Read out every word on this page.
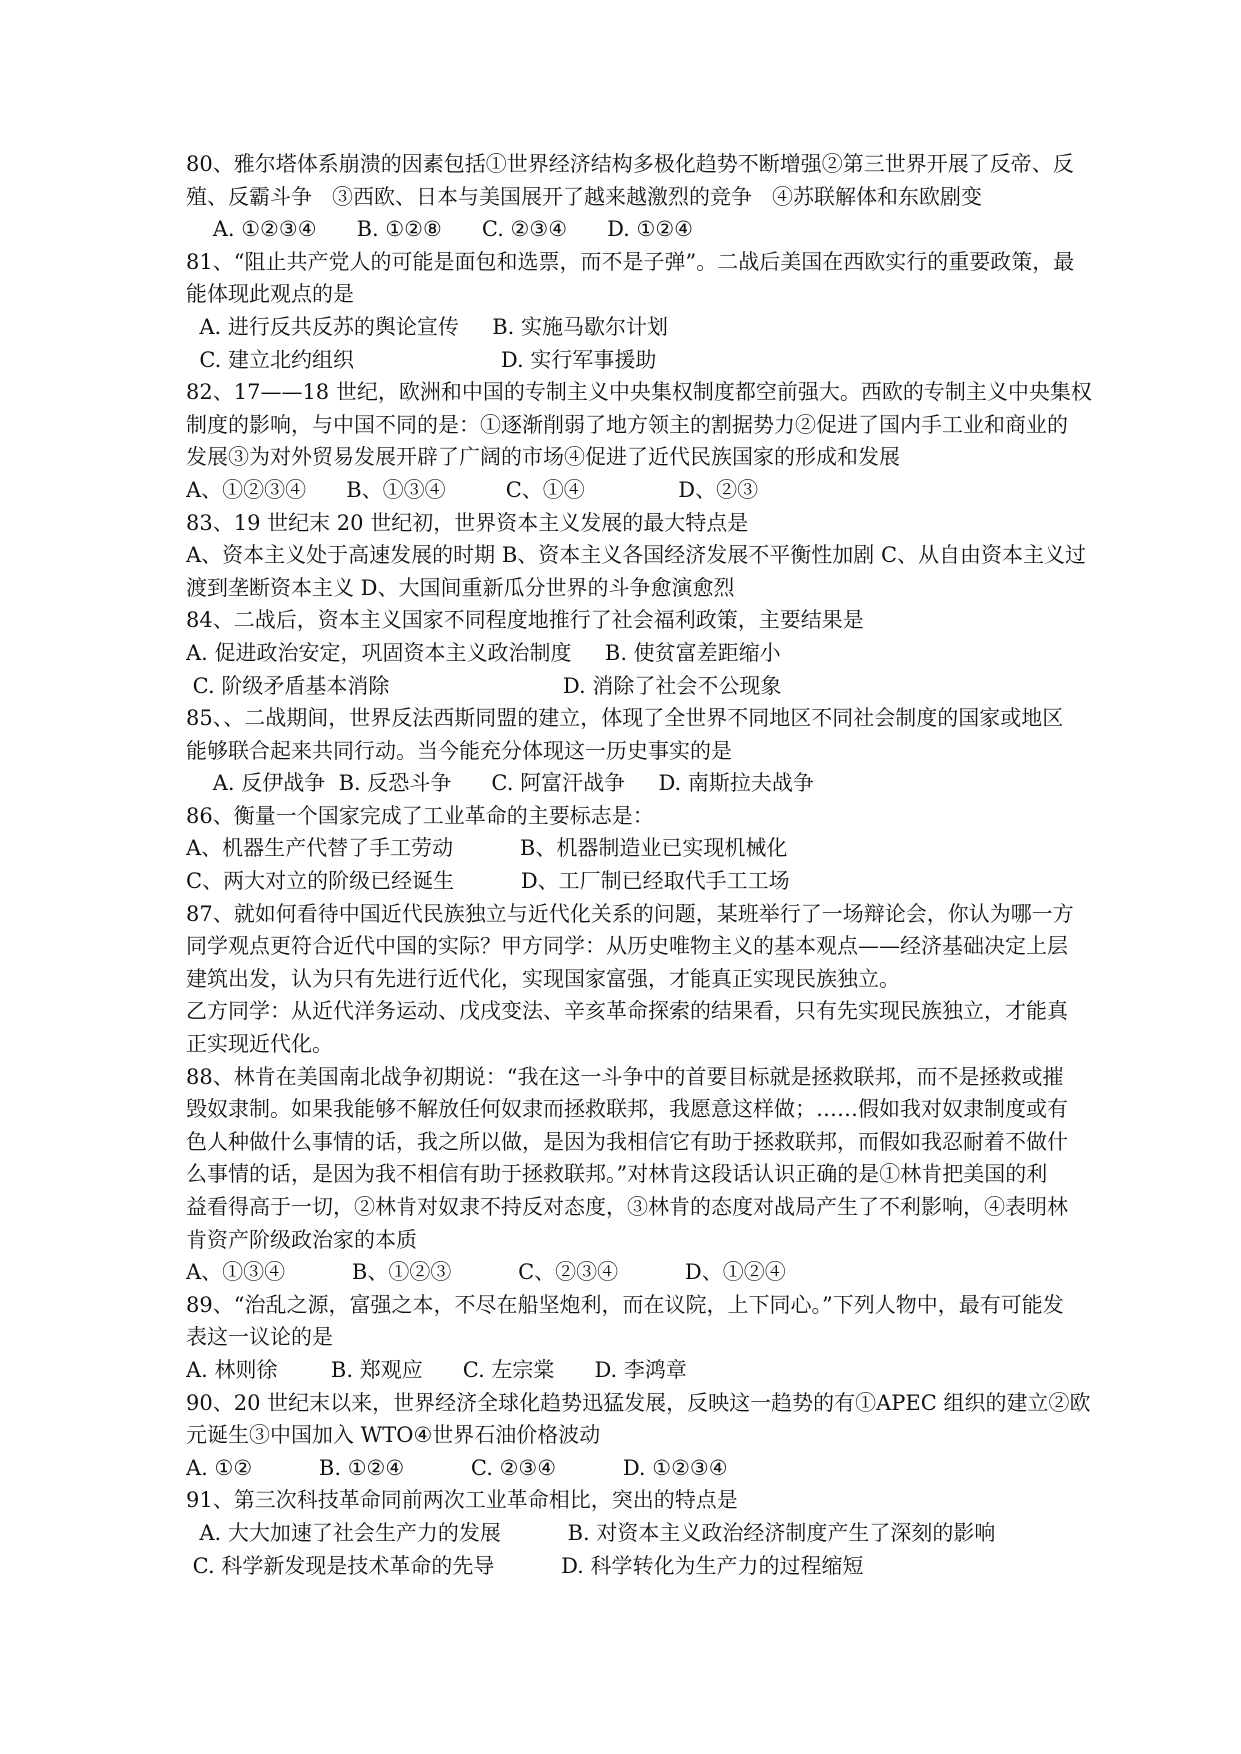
80、雅尔塔体系崩溃的因素包括①世界经济结构多极化趋势不断增强②第三世界开展了反帝、反
殖、反霸斗争   ③西欧、日本与美国展开了越来越激烈的竞争   ④苏联解体和东欧剧变
A. ①②③④      B. ①②⑧      C. ②③④      D. ①②④
81、“阻止共产党人的可能是面包和选票，而不是子弹”。二战后美国在西欧实行的重要政策，最
能体现此观点的是
A. 进行反共反苏的舆论宣传     B. 实施马歇尔计划
C. 建立北约组织                      D. 实行军事援助
82、17——18 世纪，欧洲和中国的专制主义中央集权制度都空前强大。西欧的专制主义中央集权
制度的影响，与中国不同的是：①逐渐削弱了地方领主的割据势力②促进了国内手工业和商业的
发展③为对外贸易发展开辟了广阔的市场④促进了近代民族国家的形成和发展
A、①②③④      B、①③④         C、①④              D、②③
83、19 世纪末 20 世纪初，世界资本主义发展的最大特点是
A、资本主义处于高速发展的时期 B、资本主义各国经济发展不平衡性加剧 C、从自由资本主义过
渡到垄断资本主义 D、大国间重新瓜分世界的斗争愈演愈烈
84、二战后，资本主义国家不同程度地推行了社会福利政策，主要结果是
A. 促进政治安定，巩固资本主义政治制度     B. 使贫富差距缩小
C. 阶级矛盾基本消除                          D. 消除了社会不公现象
85、、二战期间，世界反法西斯同盟的建立，体现了全世界不同地区不同社会制度的国家或地区
能够联合起来共同行动。当今能充分体现这一历史事实的是
A. 反伊战争  B. 反恐斗争      C. 阿富汗战争     D. 南斯拉夫战争
86、衡量一个国家完成了工业革命的主要标志是：
A、机器生产代替了手工劳动          B、机器制造业已实现机械化
C、两大对立的阶级已经诞生          D、工厂制已经取代手工工场
87、就如何看待中国近代民族独立与近代化关系的问题，某班举行了一场辩论会，你认为哪一方
同学观点更符合近代中国的实际？甲方同学：从历史唯物主义的基本观点——经济基础决定上层
建筑出发，认为只有先进行近代化，实现国家富强，才能真正实现民族独立。
乙方同学：从近代洋务运动、戊戌变法、辛亥革命探索的结果看，只有先实现民族独立，才能真
正实现近代化。
88、林肯在美国南北战争初期说：“我在这一斗争中的首要目标就是拯救联邦，而不是拯救或摧
毁奴隶制。如果我能够不解放任何奴隶而拯救联邦，我愿意这样做；……假如我对奴隶制度或有
色人种做什么事情的话，我之所以做，是因为我相信它有助于拯救联邦，而假如我忍耐着不做什
么事情的话，是因为我不相信有助于拯救联邦。”对林肯这段话认识正确的是①林肯把美国的利
益看得高于一切，②林肯对奴隶不持反对态度，③林肯的态度对战局产生了不利影响，④表明林
肯资产阶级政治家的本质
A、①③④          B、①②③          C、②③④          D、①②④
89、“治乱之源，富强之本，不尽在船坚炮利，而在议院，上下同心。”下列人物中，最有可能发
表这一议论的是
A. 林则徐        B. 郑观应      C. 左宗棠      D. 李鸿章
90、20 世纪末以来，世界经济全球化趋势迅猛发展，反映这一趋势的有①APEC 组织的建立②欧
元诞生③中国加入 WTO④世界石油价格波动
A. ①②          B. ①②④          C. ②③④          D. ①②③④
91、第三次科技革命同前两次工业革命相比，突出的特点是
A. 大大加速了社会生产力的发展          B. 对资本主义政治经济制度产生了深刻的影响
C. 科学新发现是技术革命的先导          D. 科学转化为生产力的过程缩短
